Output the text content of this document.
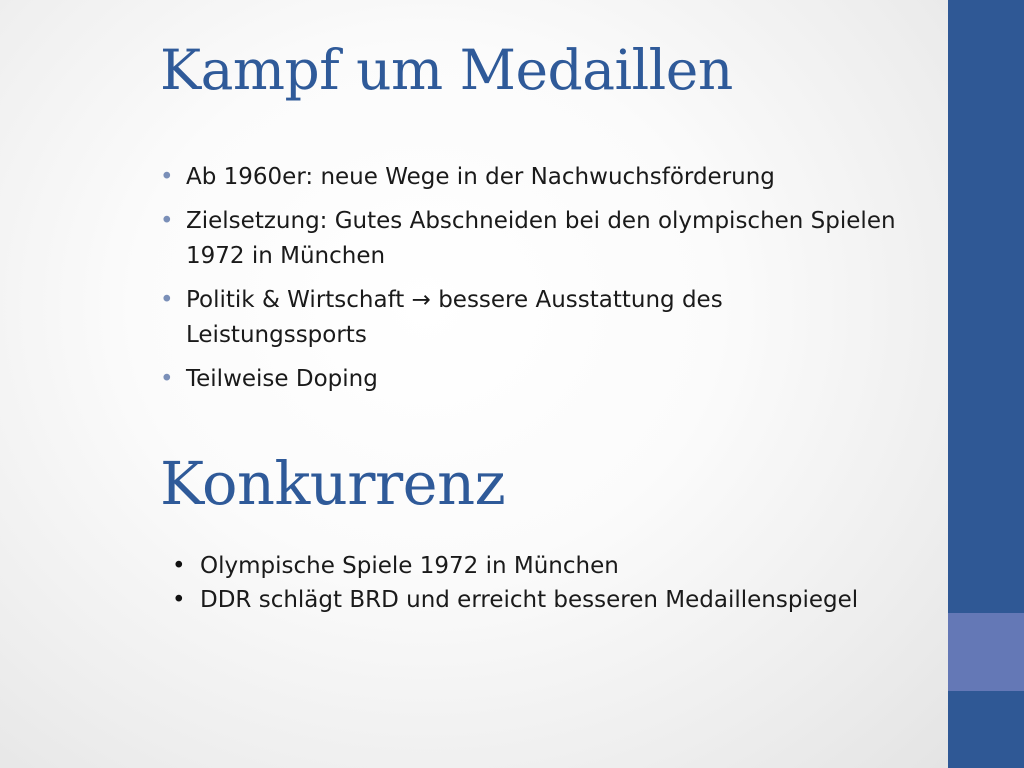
Kampf um Medaillen
• Ab 1960er: neue Wege in der Nachwuchsförderung
• Zielsetzung: Gutes Abschneiden bei den olympischen Spielen 1972 in München
• Politik & Wirtschaft → bessere Ausstattung des Leistungssports
• Teilweise Doping
Konkurrenz
• Olympische Spiele 1972 in München
• DDR schlägt BRD und erreicht besseren Medaillenspiegel
